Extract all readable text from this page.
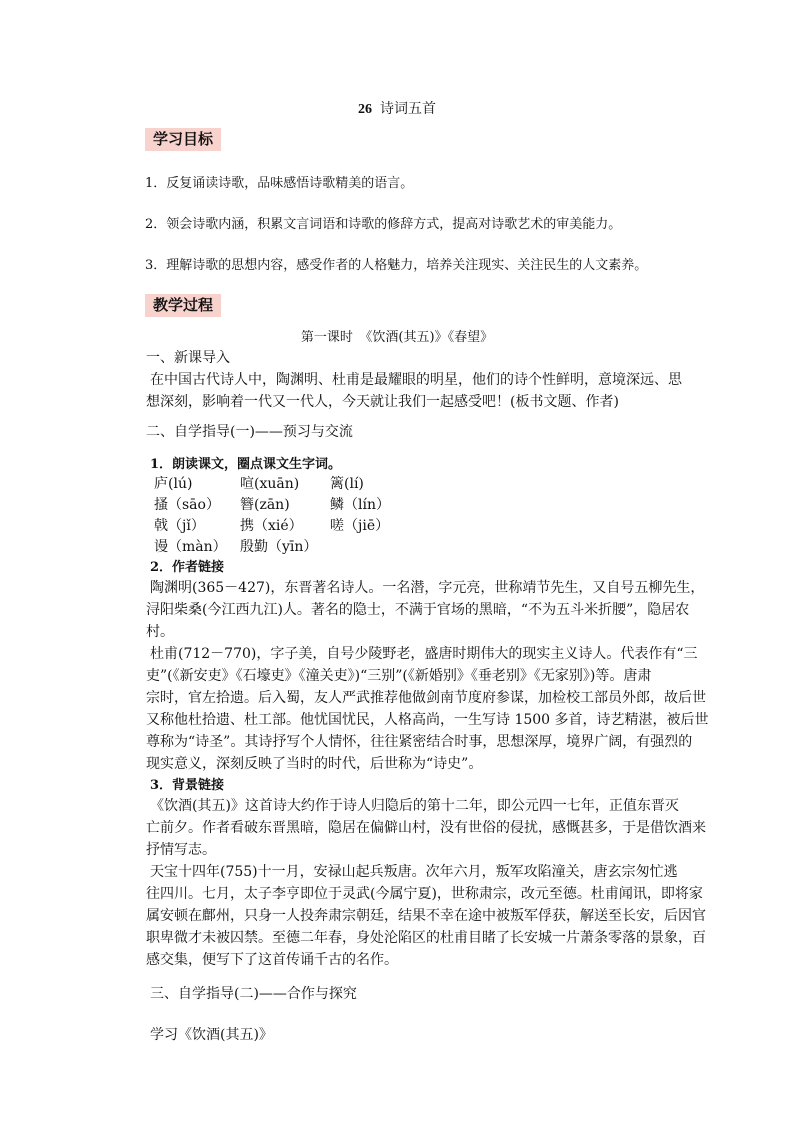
26 诗词五首
学习目标
1．反复诵读诗歌，品味感悟诗歌精美的语言。
2．领会诗歌内涵，积累文言词语和诗歌的修辞方式，提高对诗歌艺术的审美能力。
3．理解诗歌的思想内容，感受作者的人格魅力，培养关注现实、关注民生的人文素养。
教学过程
第一课时　《饮酒(其五)》《春望》
一、新课导入
在中国古代诗人中，陶渊明、杜甫是最耀眼的明星，他们的诗个性鲜明，意境深远、思
想深刻，影响着一代又一代人，今天就让我们一起感受吧！(板书文题、作者)
二、自学指导(一)——预习与交流
1．朗读课文，圈点课文生字词。
庐(lú)	喧(xuān) 篱(lí)
搔（sāo） 簪(zān)	鳞（lín）
戟（jǐ）	携（xié） 嗟（jiē）
谩（màn） 殷勤（yīn）
2．作者链接
陶渊明(365－427)，东晋著名诗人。一名潜，字元亮，世称靖节先生，又自号五柳先生，
浔阳柴桑(今江西九江)人。著名的隐士，不满于官场的黑暗，“不为五斗米折腰”，隐居农
村。
杜甫(712－770)，字子美，自号少陵野老，盛唐时期伟大的现实主义诗人。代表作有“三
吏”(《新安吏》《石壕吏》《潼关吏》)“三别”(《新婚别》《垂老别》《无家别》)等。唐肃
宗时，官左拾遗。后入蜀，友人严武推荐他做剑南节度府参谋，加检校工部员外郎，故后世
又称他杜拾遗、杜工部。他忧国忧民，人格高尚，一生写诗 1500 多首，诗艺精湛，被后世
尊称为“诗圣”。其诗抒写个人情怀，往往紧密结合时事，思想深厚，境界广阔，有强烈的
现实意义，深刻反映了当时的时代，后世称为“诗史”。
3．背景链接
《饮酒(其五)》这首诗大约作于诗人归隐后的第十二年，即公元四一七年，正值东晋灭
亡前夕。作者看破东晋黑暗，隐居在偏僻山村，没有世俗的侵扰，感慨甚多，于是借饮酒来
抒情写志。
天宝十四年(755)十一月，安禄山起兵叛唐。次年六月，叛军攻陷潼关，唐玄宗匆忙逃
往四川。七月，太子李亨即位于灵武(今属宁夏)，世称肃宗，改元至德。杜甫闻讯，即将家
属安顿在鄜州，只身一人投奔肃宗朝廷，结果不幸在途中被叛军俘获，解送至长安，后因官
职卑微才未被囚禁。至德二年春，身处沦陷区的杜甫目睹了长安城一片萧条零落的景象，百
感交集，便写下了这首传诵千古的名作。
三、自学指导(二)——合作与探究
学习《饮酒(其五)》
